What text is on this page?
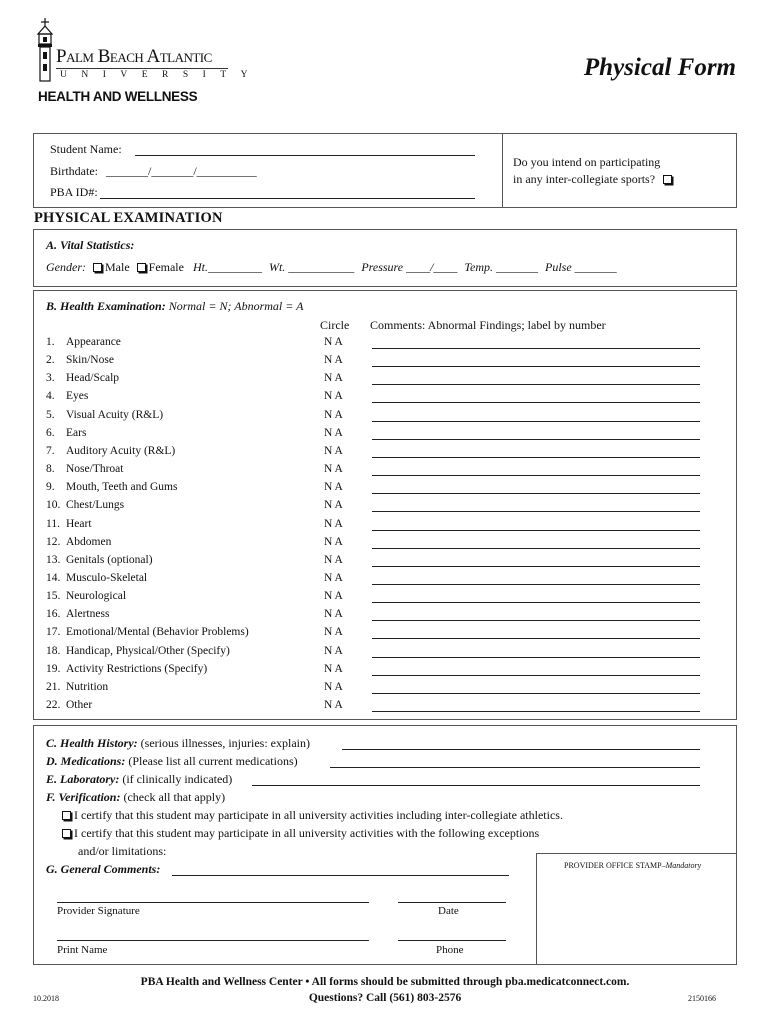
Palm Beach Atlantic
UNIVERSITY
HEALTH AND WELLNESS
Physical Form
Student Name:
Birthdate: _______/_______/__________
PBA ID#:
Do you intend on participating
in any inter-collegiate sports?
PHYSICAL EXAMINATION
A. Vital Statistics:
Gender: Male Female Ht._________ Wt. ___________ Pressure ____/____ Temp. _______ Pulse _______
B. Health Examination: Normal = N; Abnormal = A
Circle Comments: Abnormal Findings; label by number
1. Appearance	N A
2. Skin/Nose	N A
3. Head/Scalp	N A
4. Eyes	N A
5. Visual Acuity (R&L)	N A
6. Ears	N A
7. Auditory Acuity (R&L)	N A
8. Nose/Throat	N A
9. Mouth, Teeth and Gums	N A
10. Chest/Lungs	N A
11. Heart	N A
12. Abdomen	N A
13. Genitals (optional)	N A
14. Musculo-Skeletal	N A
15. Neurological	N A
16. Alertness	N A
17. Emotional/Mental (Behavior Problems)	N A
18. Handicap, Physical/Other (Specify)	N A
19. Activity Restrictions (Specify)	N A
21. Nutrition	N A
22. Other	N A
C. Health History: (serious illnesses, injuries: explain)
D. Medications: (Please list all current medications)
E. Laboratory: (if clinically indicated)
F. Verification: (check all that apply)
I certify that this student may participate in all university activities including inter-collegiate athletics.
I certify that this student may participate in all university activities with the following exceptions
and/or limitations:
G. General Comments:	PROVIDER OFFICE STAMP–Mandatory
Provider Signature	Date
Print Name	Phone
PBA Health and Wellness Center • All forms should be submitted through pba.medicatconnect.com.
Questions? Call (561) 803-2576
10.2018	2150166
